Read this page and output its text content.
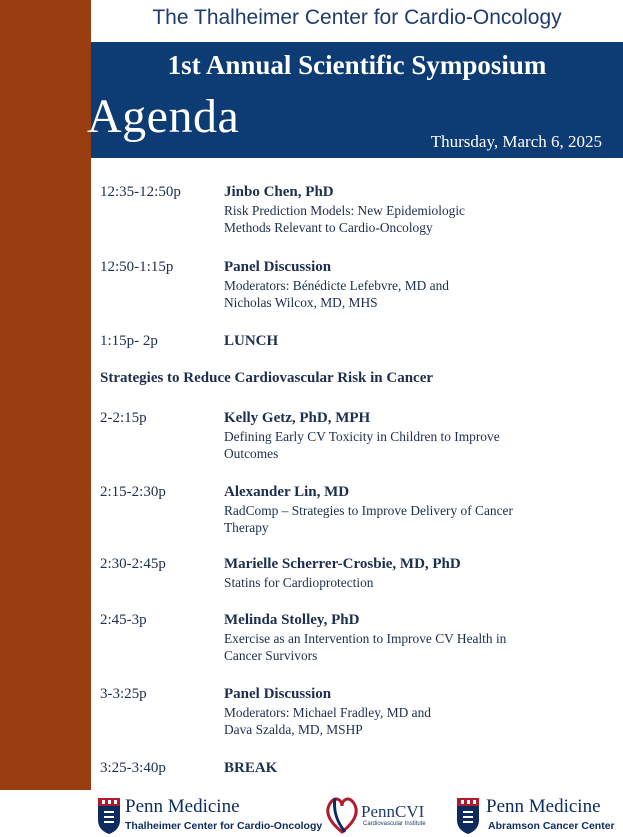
The Thalheimer Center for Cardio-Oncology
1st Annual Scientific Symposium
Agenda	Thursday, March 6, 2025
12:35-12:50p	Jinbo Chen, PhD
Risk Prediction Models: New Epidemiologic
Methods Relevant to Cardio-Oncology
12:50-1:15p	Panel Discussion
Moderators: Bénédicte Lefebvre, MD and
Nicholas Wilcox, MD, MHS
1:15p- 2p	LUNCH
Strategies to Reduce Cardiovascular Risk in Cancer
2-2:15p	Kelly Getz, PhD, MPH
Defining Early CV Toxicity in Children to Improve
Outcomes
2:15-2:30p	Alexander Lin, MD
RadComp – Strategies to Improve Delivery of Cancer
Therapy
2:30-2:45p	Marielle Scherrer-Crosbie, MD, PhD
Statins for Cardioprotection
2:45-3p	Melinda Stolley, PhD
Exercise as an Intervention to Improve CV Health in
Cancer Survivors
3-3:25p	Panel Discussion
Moderators: Michael Fradley, MD and
Dava Szalda, MD, MSHP
3:25-3:40p	BREAK
Penn Medicine
Thalheimer Center for Cardio-Oncology
PennCVI
Cardiovascular Institute
Penn Medicine
Abramson Cancer Center
